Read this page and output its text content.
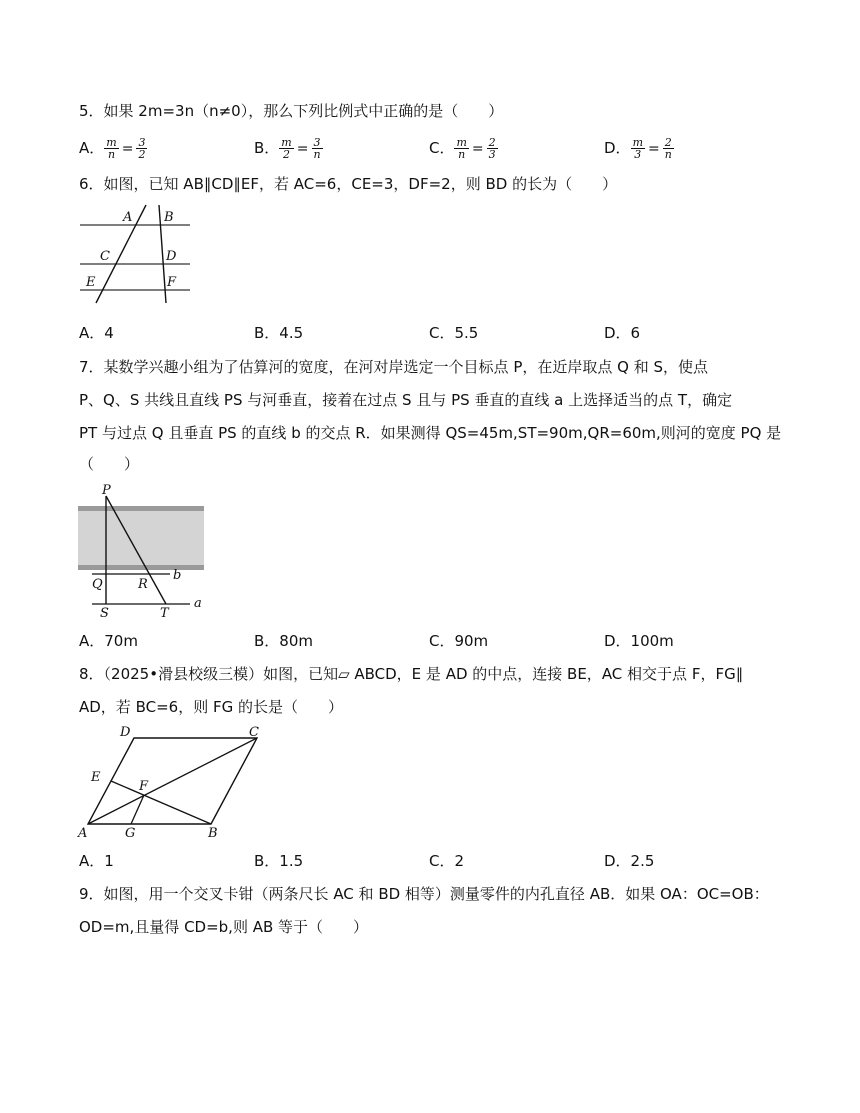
5．如果 2m=3n（n≠0），那么下列比例式中正确的是（　　）
A． $\frac{m}{n} = \frac{3}{2}$	B． $\frac{m}{2} = \frac{3}{n}$	C． $\frac{m}{n} = \frac{2}{3}$	D． $\frac{m}{3} = \frac{2}{n}$
6．如图，已知 AB∥CD∥EF，若 AC=6，CE=3，DF=2，则 BD 的长为（　　）
A B
C	D
E	F
A．4	B．4.5	C．5.5	D．6
7．某数学兴趣小组为了估算河的宽度，在河对岸选定一个目标点 P，在近岸取点 Q 和 S，使点
P、Q、S 共线且直线 PS 与河垂直，接着在过点 S 且与 PS 垂直的直线 a 上选择适当的点 T，确定
PT 与过点 Q 且垂直 PS 的直线 b 的交点 R．如果测得 QS=45m,ST=90m,QR=60m,则河的宽度 PQ 是
（　　）
P
Q	R
b
S	T
a
A．70m	B．80m	C．90m	D．100m
8．（2025•滑县校级三模）如图，已知▱ ABCD，E 是 AD 的中点，连接 BE，AC 相交于点 F，FG∥
AD，若 BC=6，则 FG 的长是（　　）
A	B
C
D
E
F
G
A．1	B．1.5	C．2	D．2.5
9．如图，用一个交叉卡钳（两条尺长 AC 和 BD 相等）测量零件的内孔直径 AB．如果 OA：OC=OB：
OD=m,且量得 CD=b,则 AB 等于（　　）
